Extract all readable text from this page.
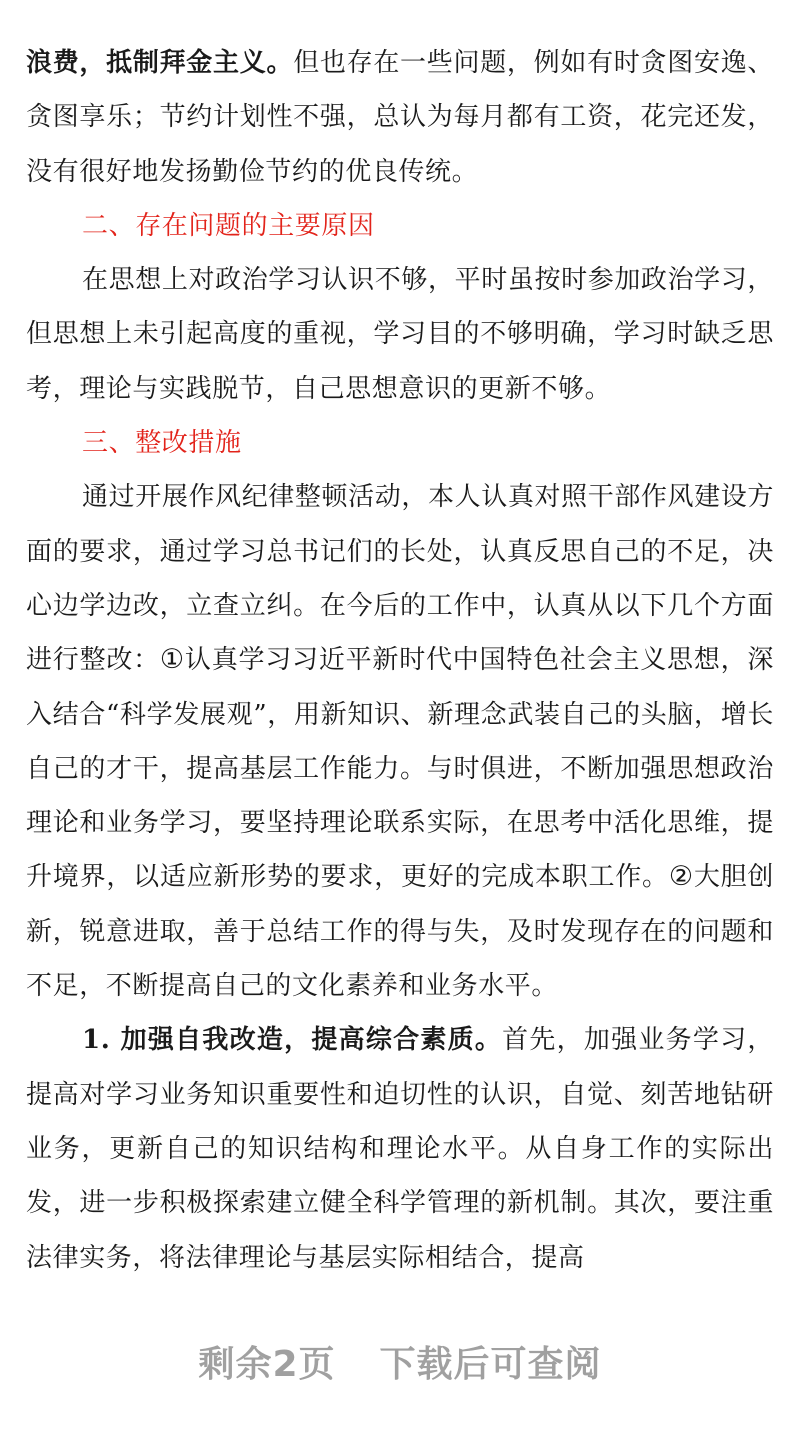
浪费，抵制拜金主义。但也存在一些问题，例如有时贪图安逸、贪图享乐；节约计划性不强，总认为每月都有工资，花完还发，没有很好地发扬勤俭节约的优良传统。

二、存在问题的主要原因

在思想上对政治学习认识不够，平时虽按时参加政治学习，但思想上未引起高度的重视，学习目的不够明确，学习时缺乏思考，理论与实践脱节，自己思想意识的更新不够。

三、整改措施

通过开展作风纪律整顿活动，本人认真对照干部作风建设方面的要求，通过学习总书记们的长处，认真反思自己的不足，决心边学边改，立查立纠。在今后的工作中，认真从以下几个方面进行整改：①认真学习习近平新时代中国特色社会主义思想，深入结合“科学发展观”，用新知识、新理念武装自己的头脑，增长自己的才干，提高基层工作能力。与时俱进，不断加强思想政治理论和业务学习，要坚持理论联系实际，在思考中活化思维，提升境界，以适应新形势的要求，更好的完成本职工作。②大胆创新，锐意进取，善于总结工作的得与失，及时发现存在的问题和不足，不断提高自己的文化素养和业务水平。

1. 加强自我改造，提高综合素质。首先，加强业务学习，提高对学习业务知识重要性和迫切性的认识，自觉、刻苦地钻研业务，更新自己的知识结构和理论水平。从自身工作的实际出发，进一步积极探索建立健全科学管理的新机制。其次，要注重法律实务，将法律理论与基层实际相结合，提高

剩余2页 下载后可查阅
